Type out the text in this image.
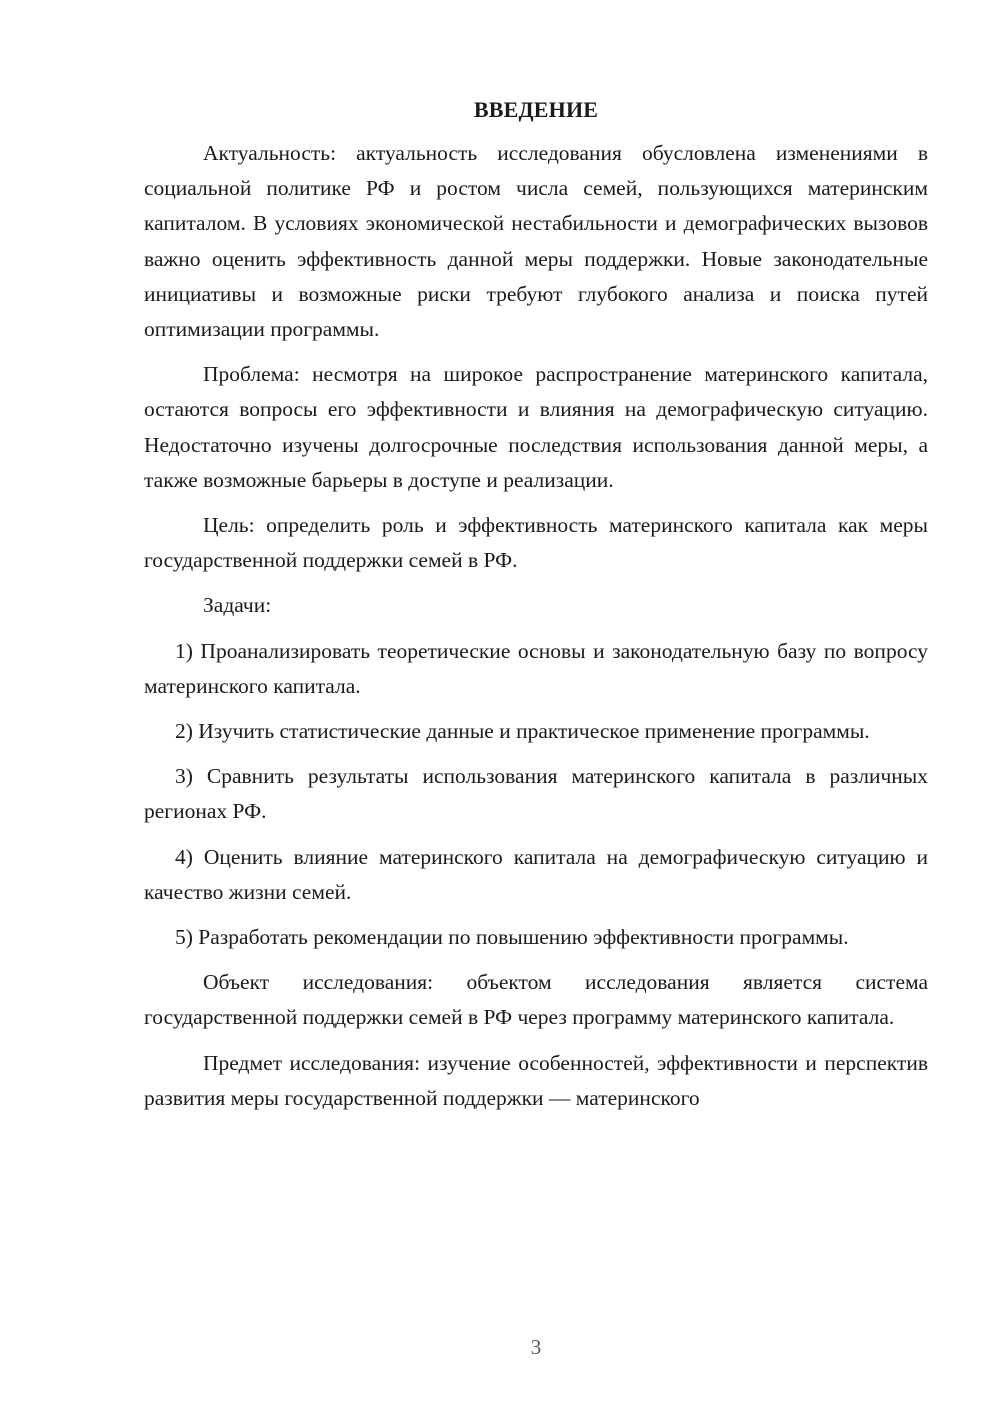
ВВЕДЕНИЕ

Актуальность: актуальность исследования обусловлена изменениями в социальной политике РФ и ростом числа семей, пользующихся материнским капиталом. В условиях экономической нестабильности и демографических вызовов важно оценить эффективность данной меры поддержки. Новые законодательные инициативы и возможные риски требуют глубокого анализа и поиска путей оптимизации программы.

Проблема: несмотря на широкое распространение материнского капитала, остаются вопросы его эффективности и влияния на демографическую ситуацию. Недостаточно изучены долгосрочные последствия использования данной меры, а также возможные барьеры в доступе и реализации.

Цель: определить роль и эффективность материнского капитала как меры государственной поддержки семей в РФ.

Задачи:

1) Проанализировать теоретические основы и законодательную базу по вопросу материнского капитала.

2) Изучить статистические данные и практическое применение программы.

3) Сравнить результаты использования материнского капитала в различных регионах РФ.

4) Оценить влияние материнского капитала на демографическую ситуацию и качество жизни семей.

5) Разработать рекомендации по повышению эффективности программы.

Объект исследования: объектом исследования является система государственной поддержки семей в РФ через программу материнского капитала.

Предмет исследования: изучение особенностей, эффективности и перспектив развития меры государственной поддержки — материнского

3
